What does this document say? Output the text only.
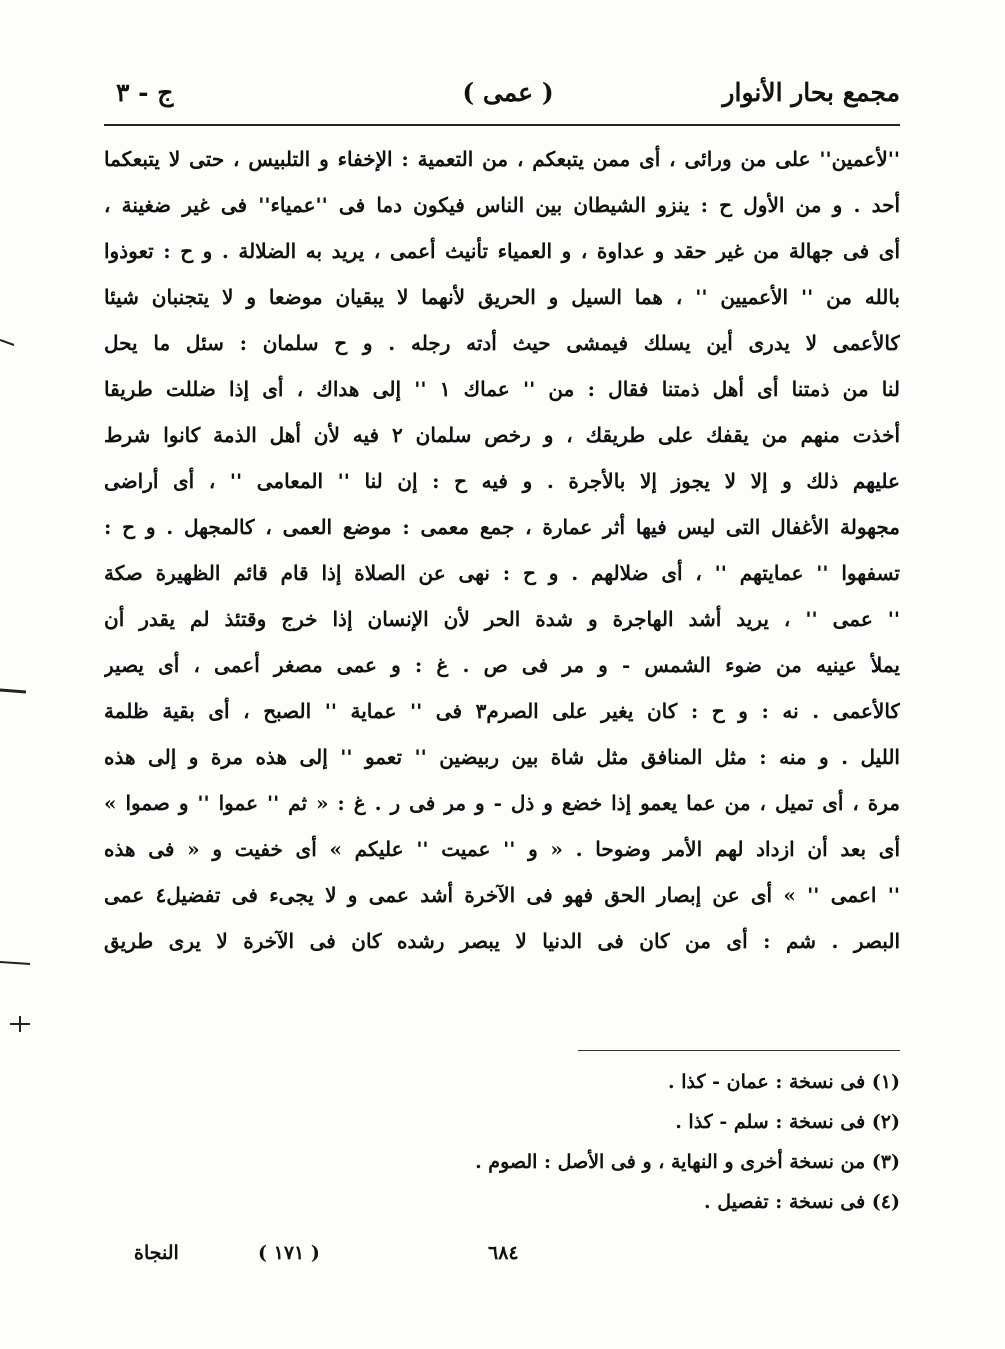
مجمع بحار الأنوار
( عمى )
ج - ٣
''لأعمين'' على من ورائى ، أى ممن يتبعكم ، من التعمية : الإخفاء و التلبيس ، حتى لا يتبعكما
أحد . و من الأول ح : ينزو الشيطان بين الناس فيكون دما فى ''عمياء'' فى غير ضغينة ،
أى فى جهالة من غير حقد و عداوة ، و العمياء تأنيث أعمى ، يريد به الضلالة . و ح : تعوذوا
بالله من '' الأعميين '' ، هما السيل و الحريق لأنهما لا يبقيان موضعا و لا يتجنبان شيئا
كالأعمى لا يدرى أين يسلك فيمشى حيث أدته رجله . و ح سلمان : سئل ما يحل
لنا من ذمتنا أى أهل ذمتنا فقال : من '' عماك ١ '' إلى هداك ، أى إذا ضللت طريقا
أخذت منهم من يقفك على طريقك ، و رخص سلمان ٢ فيه لأن أهل الذمة كانوا شرط
عليهم ذلك و إلا لا يجوز إلا بالأجرة . و فيه ح : إن لنا '' المعامى '' ، أى أراضى
مجهولة الأغفال التى ليس فيها أثر عمارة ، جمع معمى : موضع العمى ، كالمجهل . و ح :
تسفهوا '' عمايتهم '' ، أى ضلالهم . و ح : نهى عن الصلاة إذا قام قائم الظهيرة صكة
'' عمى '' ، يريد أشد الهاجرة و شدة الحر لأن الإنسان إذا خرج وقتئذ لم يقدر أن
يملأ عينيه من ضوء الشمس - و مر فى ص . غ : و عمى مصغر أعمى ، أى يصير
كالأعمى . نه : و ح : كان يغير على الصرم٣ فى '' عماية '' الصبح ، أى بقية ظلمة
الليل . و منه : مثل المنافق مثل شاة بين ربيضين '' تعمو '' إلى هذه مرة و إلى هذه
مرة ، أى تميل ، من عما يعمو إذا خضع و ذل - و مر فى ر . غ : « ثم '' عموا '' و صموا »
أى بعد أن ازداد لهم الأمر وضوحا . « و '' عميت '' عليكم » أى خفيت و « فى هذه
'' اعمى '' » أى عن إبصار الحق فهو فى الآخرة أشد عمى و لا يجىء فى تفضيل٤ عمى
البصر . شم : أى من كان فى الدنيا لا يبصر رشده كان فى الآخرة لا يرى طريق
(١) فى نسخة : عمان - كذا .
(٢) فى نسخة : سلم - كذا .
(٣) من نسخة أخرى و النهاية ، و فى الأصل : الصوم .
(٤) فى نسخة : تفصيل .
٦٨٤
( ١٧١ )
النجاة
